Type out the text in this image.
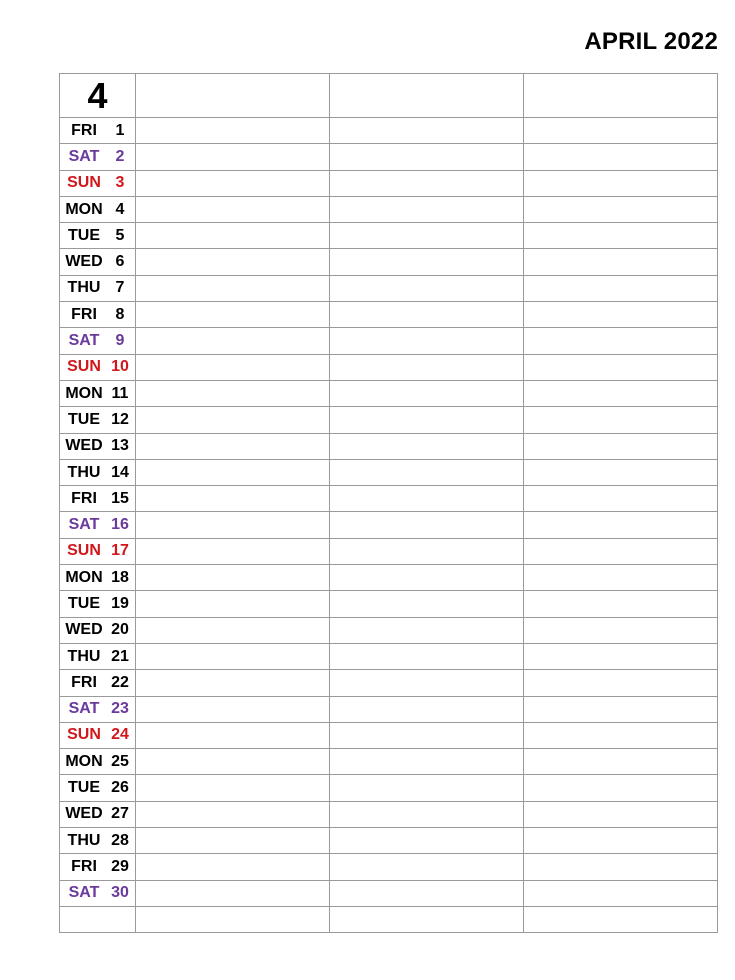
APRIL 2022
4			
FRI 1			
SAT 2			
SUN 3			
MON 4			
TUE 5			
WED 6			
THU 7			
FRI 8			
SAT 9			
SUN 10			
MON 11			
TUE 12			
WED 13			
THU 14			
FRI 15			
SAT 16			
SUN 17			
MON 18			
TUE 19			
WED 20			
THU 21			
FRI 22			
SAT 23			
SUN 24			
MON 25			
TUE 26			
WED 27			
THU 28			
FRI 29			
SAT 30			
